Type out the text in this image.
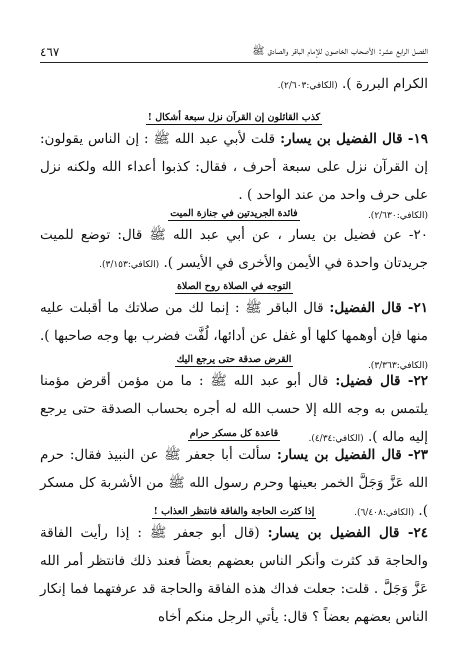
٤٦٧	الفصل الرابع عشر: الأصحاب الخاصون للإمام الباقر والصادق ﷺ
الكرام البررة ). (الكافي:٢/٦٠٣).
كذب القائلون إن القرآن نزل سبعة أشكال !
١٩- قال الفضيل بن يسار: قلت لأبي عبد الله ﷺ : إن الناس يقولون: إن القرآن نزل على سبعة أحرف ، فقال: كذبوا أعداء الله ولكنه نزل على حرف واحد من عند الواحد ) .
(الكافي:٢/٦٣٠).
فائدة الجريدتين في جنازة الميت
٢٠- عن فضيل بن يسار ، عن أبي عبد الله ﷺ قال: توضع للميت جريدتان واحدة في الأيمن والأخرى في الأيسر ). (الكافي:٣/١٥٣).
التوجه في الصلاة روح الصلاة
٢١- قال الفضيل: قال الباقر ﷺ : إنما لك من صلاتك ما أقبلت عليه منها فإن أوهمها كلها أو غفل عن أدائها، لُفَّت فضرب بها وجه صاحبها ). (الكافي:٣/٣٦٣).
القرض صدقة حتى يرجع اليك
٢٢- قال فضيل: قال أبو عبد الله ﷺ : ما من مؤمن أقرض مؤمنا يلتمس به وجه الله إلا حسب الله له أجره بحساب الصدقة حتى يرجع إليه ماله ). (الكافي:٤/٣٤).
قاعدة كل مسكر حرام
٢٣- قال الفضيل بن يسار: سألت أبا جعفر ﷺ عن النبيذ فقال: حرم الله عَزَّ وَجَلَّ الخمر بعينها وحرم رسول الله ﷺ من الأشربة كل مسكر ). (الكافي:٦/٤٠٨).
إذا كثرت الحاجة والفاقة فانتظر العذاب !
٢٤- قال الفضيل بن يسار: (قال أبو جعفر ﷺ : إذا رأيت الفاقة والحاجة قد كثرت وأنكر الناس بعضهم بعضاً فعند ذلك فانتظر أمر الله عَزَّ وَجَلَّ . قلت: جعلت فداك هذه الفاقة والحاجة قد عرفتهما فما إنكار الناس بعضهم بعضاً ؟ قال: يأتي الرجل منكم أخاه
